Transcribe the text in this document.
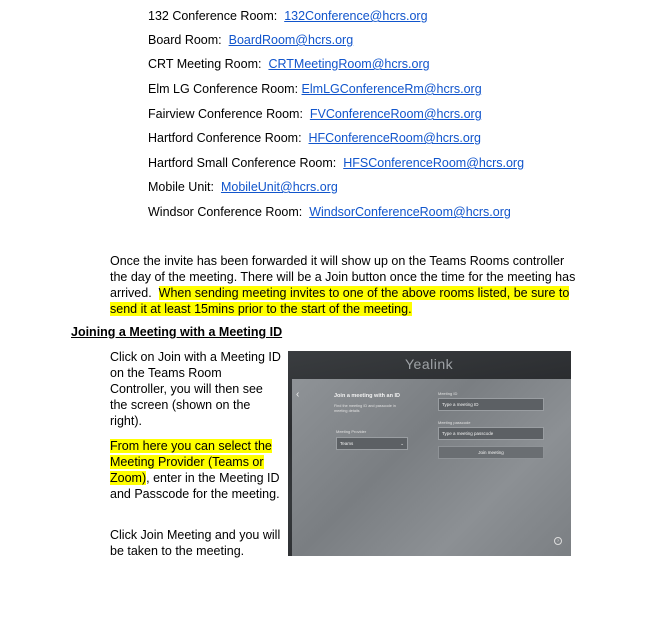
132 Conference Room: 132Conference@hcrs.org
Board Room: BoardRoom@hcrs.org
CRT Meeting Room: CRTMeetingRoom@hcrs.org
Elm LG Conference Room: ElmLGConferenceRm@hcrs.org
Fairview Conference Room: FVConferenceRoom@hcrs.org
Hartford Conference Room: HFConferenceRoom@hcrs.org
Hartford Small Conference Room: HFSConferenceRoom@hcrs.org
Mobile Unit: MobileUnit@hcrs.org
Windsor Conference Room: WindsorConferenceRoom@hcrs.org
Once the invite has been forwarded it will show up on the Teams Rooms controller the day of the meeting. There will be a Join button once the time for the meeting has arrived. When sending meeting invites to one of the above rooms listed, be sure to send it at least 15mins prior to the start of the meeting.
Joining a Meeting with a Meeting ID
Click on Join with a Meeting ID on the Teams Room Controller, you will then see the screen (shown on the right).
From here you can select the Meeting Provider (Teams or Zoom), enter in the Meeting ID and Passcode for the meeting.
Click Join Meeting and you will be taken to the meeting.
Yealink
‹	Join a meeting with an ID
Find the meeting ID and passcode in meeting details
Meeting Provider
Teams	⌄
Meeting ID
Type a meeting ID
Meeting passcode
Type a meeting passcode
Join meeting
?
